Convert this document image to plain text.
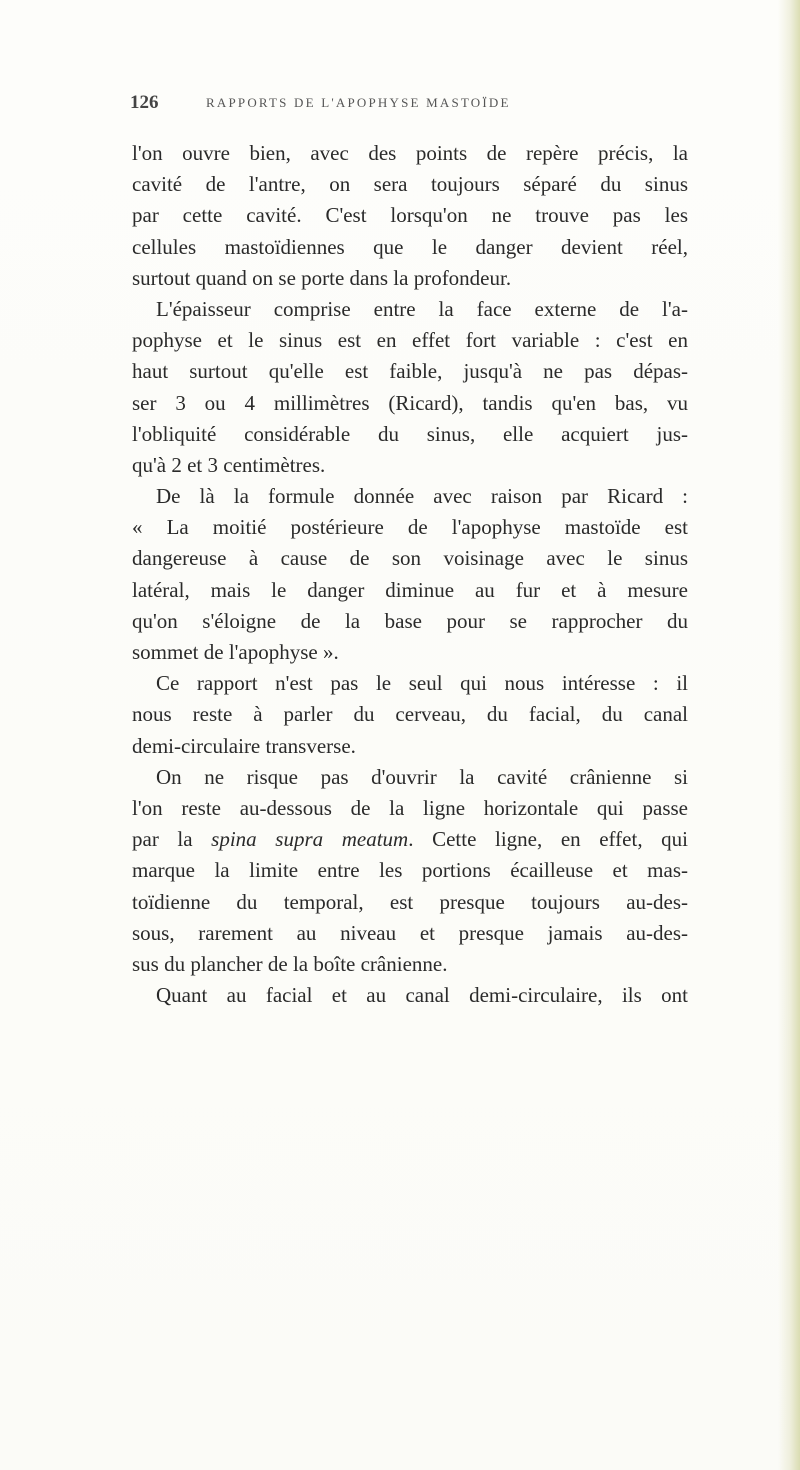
126	RAPPORTS DE L'APOPHYSE MASTOÏDE
l'on ouvre bien, avec des points de repère précis, la
cavité de l'antre, on sera toujours séparé du sinus
par cette cavité. C'est lorsqu'on ne trouve pas les
cellules mastoïdiennes que le danger devient réel,
surtout quand on se porte dans la profondeur.
L'épaisseur comprise entre la face externe de l'a-
pophyse et le sinus est en effet fort variable : c'est en
haut surtout qu'elle est faible, jusqu'à ne pas dépas-
ser 3 ou 4 millimètres (Ricard), tandis qu'en bas, vu
l'obliquité considérable du sinus, elle acquiert jus-
qu'à 2 et 3 centimètres.
De là la formule donnée avec raison par Ricard :
« La moitié postérieure de l'apophyse mastoïde est
dangereuse à cause de son voisinage avec le sinus
latéral, mais le danger diminue au fur et à mesure
qu'on s'éloigne de la base pour se rapprocher du
sommet de l'apophyse ».
Ce rapport n'est pas le seul qui nous intéresse : il
nous reste à parler du cerveau, du facial, du canal
demi-circulaire transverse.
On ne risque pas d'ouvrir la cavité crânienne si
l'on reste au-dessous de la ligne horizontale qui passe
par la spina supra meatum. Cette ligne, en effet, qui
marque la limite entre les portions écailleuse et mas-
toïdienne du temporal, est presque toujours au-des-
sous, rarement au niveau et presque jamais au-des-
sus du plancher de la boîte crânienne.
Quant au facial et au canal demi-circulaire, ils ont
